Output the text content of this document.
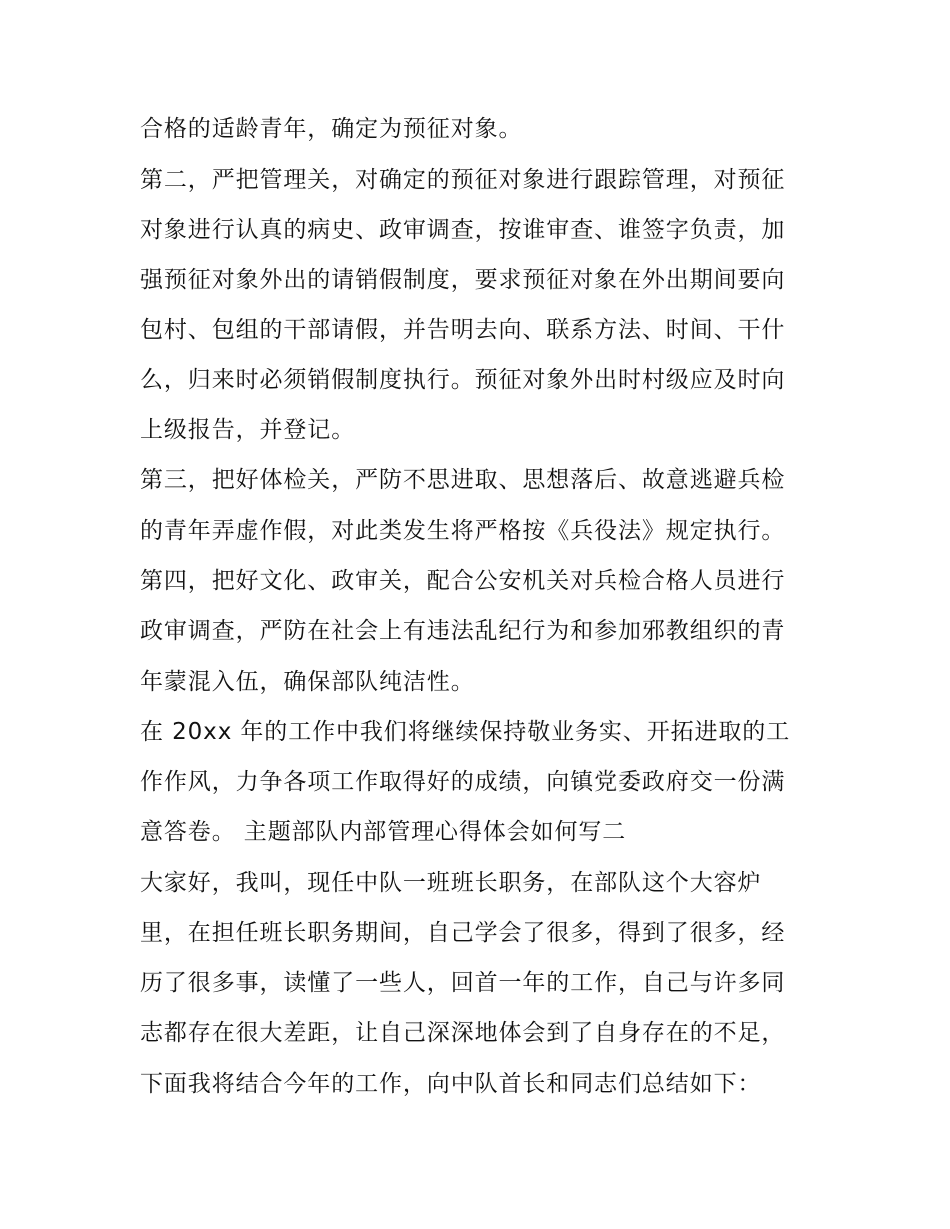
合格的适龄青年，确定为预征对象。
第二，严把管理关，对确定的预征对象进行跟踪管理，对预征
对象进行认真的病史、政审调查，按谁审查、谁签字负责，加
强预征对象外出的请销假制度，要求预征对象在外出期间要向
包村、包组的干部请假，并告明去向、联系方法、时间、干什
么，归来时必须销假制度执行。预征对象外出时村级应及时向
上级报告，并登记。
第三，把好体检关，严防不思进取、思想落后、故意逃避兵检
的青年弄虚作假，对此类发生将严格按《兵役法》规定执行。
第四，把好文化、政审关，配合公安机关对兵检合格人员进行
政审调查，严防在社会上有违法乱纪行为和参加邪教组织的青
年蒙混入伍，确保部队纯洁性。
在 20xx 年的工作中我们将继续保持敬业务实、开拓进取的工
作作风，力争各项工作取得好的成绩，向镇党委政府交一份满
意答卷。 主题部队内部管理心得体会如何写二
大家好，我叫，现任中队一班班长职务，在部队这个大容炉
里，在担任班长职务期间，自己学会了很多，得到了很多，经
历了很多事，读懂了一些人，回首一年的工作，自己与许多同
志都存在很大差距，让自己深深地体会到了自身存在的不足，
下面我将结合今年的工作，向中队首长和同志们总结如下：
